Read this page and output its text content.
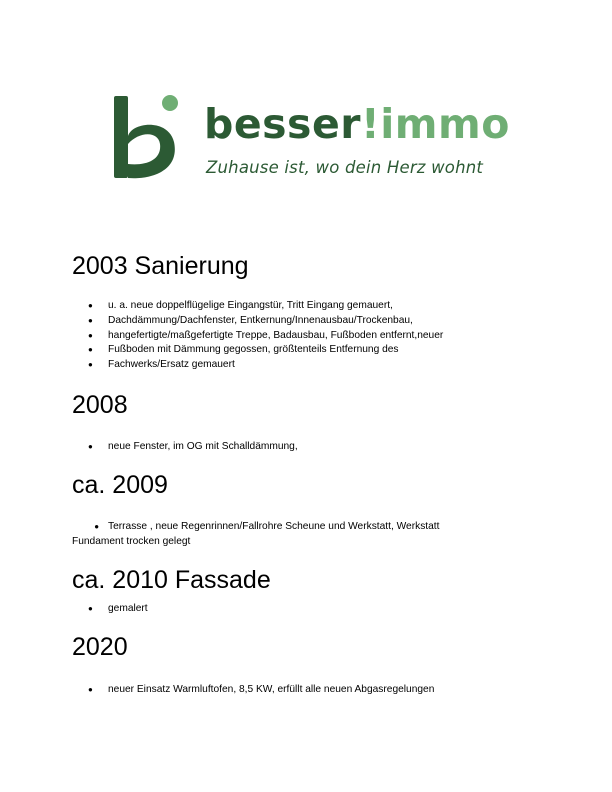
besser!immo
Zuhause ist, wo dein Herz wohnt
2003 Sanierung
● u. a. neue doppelflügelige Eingangstür, Tritt Eingang gemauert,
● Dachdämmung/Dachfenster, Entkernung/Innenausbau/Trockenbau,
● hangefertigte/maßgefertigte Treppe, Badausbau, Fußboden entfernt,neuer
● Fußboden mit Dämmung gegossen, größtenteils Entfernung des
● Fachwerks/Ersatz gemauert
2008
● neue Fenster, im OG mit Schalldämmung,
ca. 2009
●    Terrasse , neue Regenrinnen/Fallrohre Scheune und Werkstatt, Werkstatt Fundament trocken gelegt
ca. 2010 Fassade
● gemalert
2020
● neuer Einsatz Warmluftofen, 8,5 KW, erfüllt alle neuen Abgasregelungen
